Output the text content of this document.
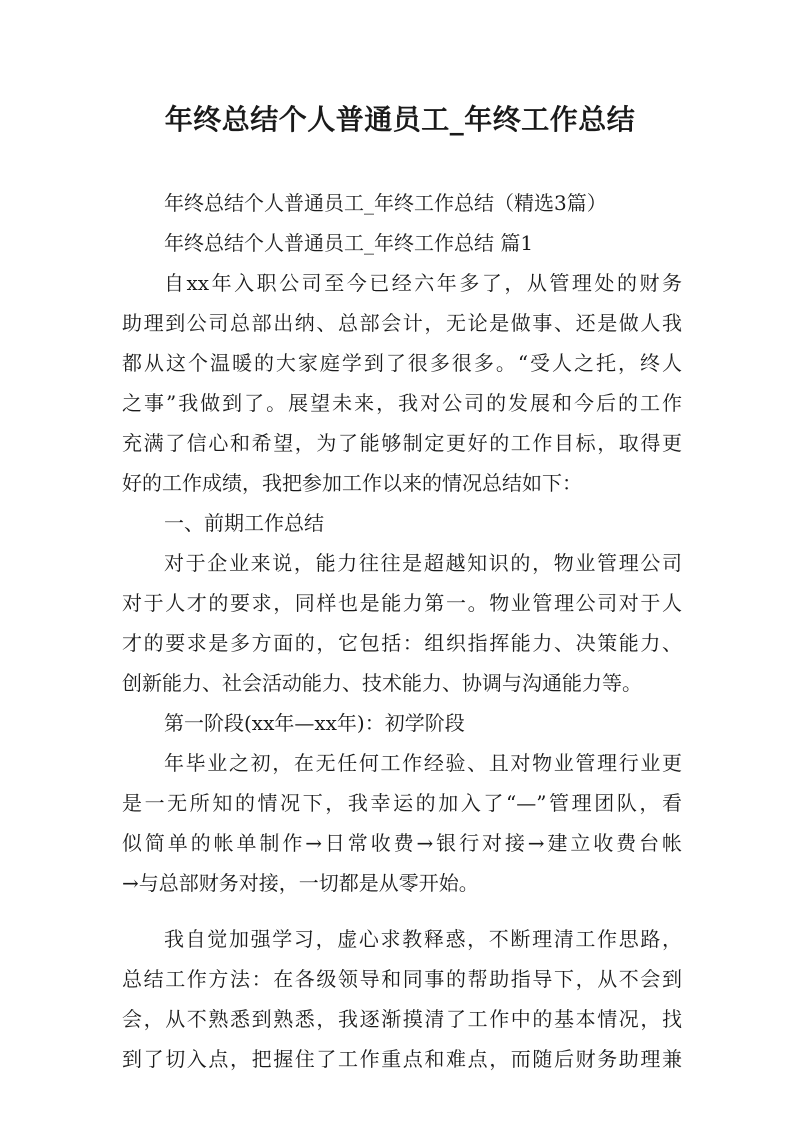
年终总结个人普通员工_年终工作总结
年终总结个人普通员工_年终工作总结（精选3篇）
年终总结个人普通员工_年终工作总结 篇1
自xx年入职公司至今已经六年多了，从管理处的财务
助理到公司总部出纳、总部会计，无论是做事、还是做人我
都从这个温暖的大家庭学到了很多很多。“受人之托，终人
之事”我做到了。展望未来，我对公司的发展和今后的工作
充满了信心和希望，为了能够制定更好的工作目标，取得更
好的工作成绩，我把参加工作以来的情况总结如下：
一、前期工作总结
对于企业来说，能力往往是超越知识的，物业管理公司
对于人才的要求，同样也是能力第一。物业管理公司对于人
才的要求是多方面的，它包括：组织指挥能力、决策能力、
创新能力、社会活动能力、技术能力、协调与沟通能力等。
第一阶段(xx年—xx年)：初学阶段
年毕业之初，在无任何工作经验、且对物业管理行业更
是一无所知的情况下，我幸运的加入了“—”管理团队，看
似简单的帐单制作→日常收费→银行对接→建立收费台帐
→与总部财务对接，一切都是从零开始。
我自觉加强学习，虚心求教释惑，不断理清工作思路，
总结工作方法：在各级领导和同事的帮助指导下，从不会到
会，从不熟悉到熟悉，我逐渐摸清了工作中的基本情况，找
到了切入点，把握住了工作重点和难点，而随后财务助理兼
